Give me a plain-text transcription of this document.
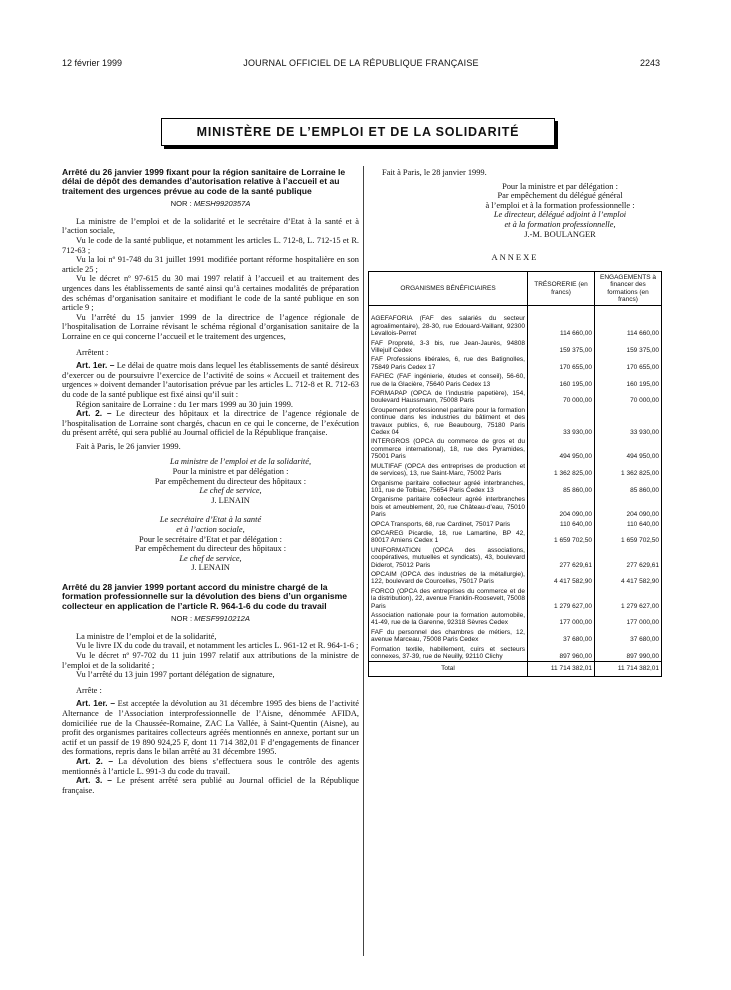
12 février 1999	JOURNAL OFFICIEL DE LA RÉPUBLIQUE FRANÇAISE	2243
MINISTÈRE DE L’EMPLOI ET DE LA SOLIDARITÉ

Arrêté du 26 janvier 1999 fixant pour la région sanitaire de Lorraine le délai de dépôt des demandes d’autorisation relative à l’accueil et au traitement des urgences prévue au code de la santé publique

NOR : MESH9920357A

La ministre de l’emploi et de la solidarité et le secrétaire d’Etat à la santé et à l’action sociale,

Vu le code de la santé publique, et notamment les articles L. 712-8, L. 712-15 et R. 712-63 ;

Vu la loi nº 91-748 du 31 juillet 1991 modifiée portant réforme hospitalière en son article 25 ;

Vu le décret nº 97-615 du 30 mai 1997 relatif à l’accueil et au traitement des urgences dans les établissements de santé ainsi qu’à certaines modalités de préparation des schémas d’organisation sanitaire et modifiant le code de la santé publique en son article 9 ;

Vu l’arrêté du 15 janvier 1999 de la directrice de l’agence régionale de l’hospitalisation de Lorraine révisant le schéma régional d’organisation sanitaire de la Lorraine en ce qui concerne l’accueil et le traitement des urgences,

Arrêtent :

Art. 1er. – Le délai de quatre mois dans lequel les établissements de santé désireux d’exercer ou de poursuivre l’exercice de l’activité de soins « Accueil et traitement des urgences » doivent demander l’autorisation prévue par les articles L. 712-8 et R. 712-63 du code de la santé publique est fixé ainsi qu’il suit :

Région sanitaire de Lorraine : du 1er mars 1999 au 30 juin 1999.

Art. 2. – Le directeur des hôpitaux et la directrice de l’agence régionale de l’hospitalisation de Lorraine sont chargés, chacun en ce qui le concerne, de l’exécution du présent arrêté, qui sera publié au Journal officiel de la République française.

Fait à Paris, le 26 janvier 1999.

La ministre de l’emploi et de la solidarité,

Pour la ministre et par délégation :

Par empêchement du directeur des hôpitaux :

Le chef de service,

J. LENAIN

Le secrétaire d’Etat à la santé

et à l’action sociale,

Pour le secrétaire d’Etat et par délégation :

Par empêchement du directeur des hôpitaux :

Le chef de service,

J. LENAIN

Arrêté du 28 janvier 1999 portant accord du ministre chargé de la formation professionnelle sur la dévolution des biens d’un organisme collecteur en application de l’article R. 964-1-6 du code du travail

NOR : MESF9910212A

La ministre de l’emploi et de la solidarité,

Vu le livre IX du code du travail, et notamment les articles L. 961-12 et R. 964-1-6 ;

Vu le décret nº 97-702 du 11 juin 1997 relatif aux attributions de la ministre de l’emploi et de la solidarité ;

Vu l’arrêté du 13 juin 1997 portant délégation de signature,

Arrête :

Art. 1er. – Est acceptée la dévolution au 31 décembre 1995 des biens de l’activité Alternance de l’Association interprofessionnelle de l’Aisne, dénommée AFIDA, domiciliée rue de la Chaussée-Romaine, ZAC La Vallée, à Saint-Quentin (Aisne), au profit des organismes paritaires collecteurs agréés mentionnés en annexe, portant sur un actif et un passif de 19 890 924,25 F, dont 11 714 382,01 F d’engagements de financer des formations, repris dans le bilan arrêté au 31 décembre 1995.

Art. 2. – La dévolution des biens s’effectuera sous le contrôle des agents mentionnés à l’article L. 991-3 du code du travail.

Art. 3. – Le présent arrêté sera publié au Journal officiel de la République française.

Fait à Paris, le 28 janvier 1999.

Pour la ministre et par délégation :

Par empêchement du délégué général

à l’emploi et à la formation professionnelle :

Le directeur, délégué adjoint à l’emploi

et à la formation professionnelle,

J.-M. BOULANGER

ANNEXE
ORGANISMES BÉNÉFICIAIRES	TRÉSORERIE (en francs)	ENGAGEMENTS à financer des formations (en francs)

AGEFAFORIA (FAF des salariés du secteur agroalimentaire), 28-30, rue Edouard-Vaillant, 92300 Levallois-Perret	114 660,00	114 660,00
FAF Propreté, 3-3 bis, rue Jean-Jaurès, 94808 Villejuif Cedex	159 375,00	159 375,00
FAF Professions libérales, 6, rue des Batignolles, 75849 Paris Cedex 17	170 655,00	170 655,00
FAFIEC (FAF ingénierie, études et conseil), 56-60, rue de la Glacière, 75640 Paris Cedex 13	160 195,00	160 195,00
FORMAPAP (OPCA de l’industrie papetière), 154, boulevard Haussmann, 75008 Paris	70 000,00	70 000,00
Groupement professionnel paritaire pour la formation continue dans les industries du bâtiment et des travaux publics, 6, rue Beaubourg, 75180 Paris Cedex 04	33 930,00	33 930,00
INTERGROS (OPCA du commerce de gros et du commerce international), 18, rue des Pyramides, 75001 Paris	494 950,00	494 950,00
MULTIFAF (OPCA des entreprises de production et de services), 13, rue Saint-Marc, 75002 Paris	1 362 825,00	1 362 825,00
Organisme paritaire collecteur agréé interbranches, 101, rue de Tolbiac, 75654 Paris Cedex 13	85 860,00	85 860,00
Organisme paritaire collecteur agréé interbranches bois et ameublement, 20, rue Château-d’eau, 75010 Paris	204 090,00	204 090,00
OPCA Transports, 68, rue Cardinet, 75017 Paris	110 640,00	110 640,00
OPCAREG Picardie, 18, rue Lamartine, BP 42, 80017 Amiens Cedex 1	1 659 702,50	1 659 702,50
UNIFORMATION (OPCA des associations, coopératives, mutuelles et syndicats), 43, boulevard Diderot, 75012 Paris	277 629,61	277 629,61
OPCAIM (OPCA des industries de la métallurgie), 122, boulevard de Courcelles, 75017 Paris	4 417 582,90	4 417 582,90
FORCO (OPCA des entreprises du commerce et de la distribution), 22, avenue Franklin-Roosevelt, 75008 Paris	1 279 627,00	1 279 627,00
Association nationale pour la formation automobile, 41-49, rue de la Garenne, 92318 Sèvres Cedex	177 000,00	177 000,00
FAF du personnel des chambres de métiers, 12, avenue Marceau, 75008 Paris Cedex	37 680,00	37 680,00
Formation textile, habillement, cuirs et secteurs connexes, 37-39, rue de Neuilly, 92110 Clichy	897 960,00	897 990,00
Total	11 714 382,01	11 714 382,01
